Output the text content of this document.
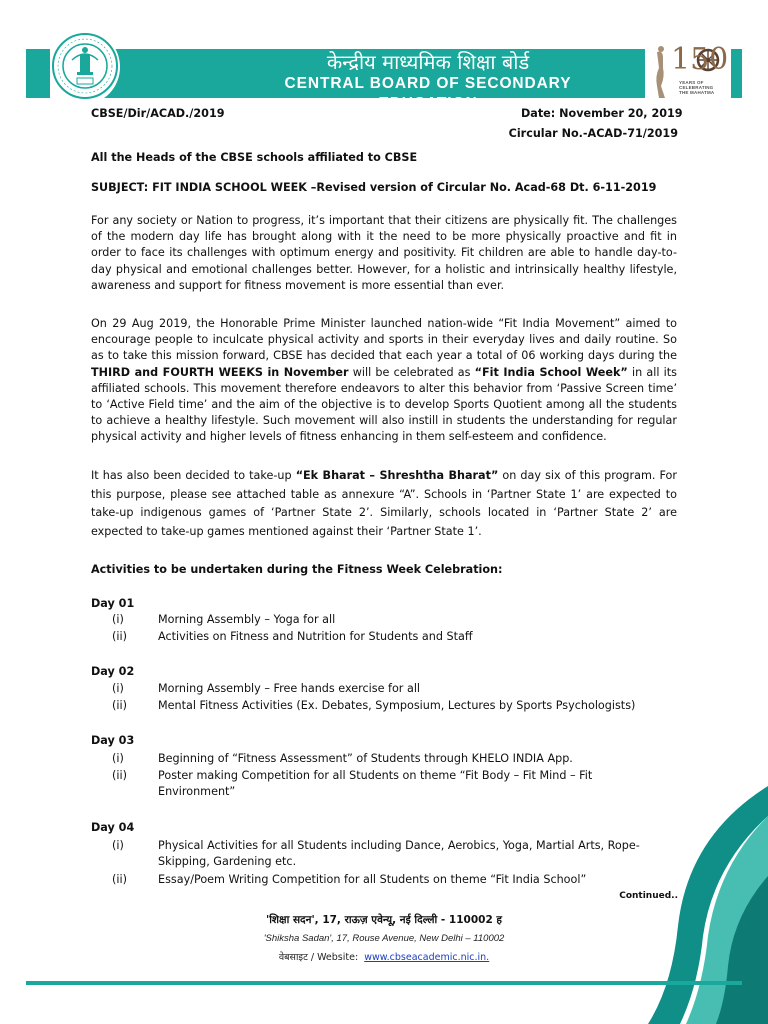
केन्द्रीय माध्यमिक शिक्षा बोर्ड
CENTRAL BOARD OF SECONDARY EDUCATION
150
YEARS OF
CELEBRATING
THE MAHATMA
CBSE/Dir/ACAD./2019	Date: November 20, 2019
Circular No.-ACAD-71/2019
All the Heads of the CBSE schools affiliated to CBSE
SUBJECT: FIT INDIA SCHOOL WEEK –Revised version of Circular No. Acad-68 Dt. 6-11-2019
For any society or Nation to progress, it’s important that their citizens are physically fit. The challenges of the modern day life has brought along with it the need to be more physically proactive and fit in order to face its challenges with optimum energy and positivity. Fit children are able to handle day-to-day physical and emotional challenges better. However, for a holistic and intrinsically healthy lifestyle, awareness and support for fitness movement is more essential than ever.
On 29 Aug 2019, the Honorable Prime Minister launched nation-wide “Fit India Movement” aimed to encourage people to inculcate physical activity and sports in their everyday lives and daily routine. So as to take this mission forward, CBSE has decided that each year a total of 06 working days during the THIRD and FOURTH WEEKS in November will be celebrated as “Fit India School Week” in all its affiliated schools. This movement therefore endeavors to alter this behavior from ‘Passive Screen time’ to ‘Active Field time’ and the aim of the objective is to develop Sports Quotient among all the students to achieve a healthy lifestyle. Such movement will also instill in students the understanding for regular physical activity and higher levels of fitness enhancing in them self-esteem and confidence.
It has also been decided to take-up “Ek Bharat – Shreshtha Bharat” on day six of this program. For this purpose, please see attached table as annexure “A”. Schools in ‘Partner State 1’ are expected to take-up indigenous games of ‘Partner State 2’. Similarly, schools located in ‘Partner State 2’ are expected to take-up games mentioned against their ‘Partner State 1’.
Activities to be undertaken during the Fitness Week Celebration:
Day 01
(i)	Morning Assembly – Yoga for all
(ii)	Activities on Fitness and Nutrition for Students and Staff
Day 02
(i)	Morning Assembly – Free hands exercise for all
(ii)	Mental Fitness Activities (Ex. Debates, Symposium, Lectures by Sports Psychologists)
Day 03
(i)	Beginning of “Fitness Assessment” of Students through KHELO INDIA App.
(ii)	Poster making Competition for all Students on theme “Fit Body – Fit Mind – Fit Environment”
Day 04
(i)	Physical Activities for all Students including Dance, Aerobics, Yoga, Martial Arts, Rope-Skipping, Gardening etc.
(ii)	Essay/Poem Writing Competition for all Students on theme “Fit India School”
Continued..
'शिक्षा सदन', 17, राऊज़ एवेन्यू, नई दिल्ली - 110002 ह
'Shiksha Sadan', 17, Rouse Avenue, New Delhi – 110002
वेबसाइट / Website: www.cbseacademic.nic.in.
